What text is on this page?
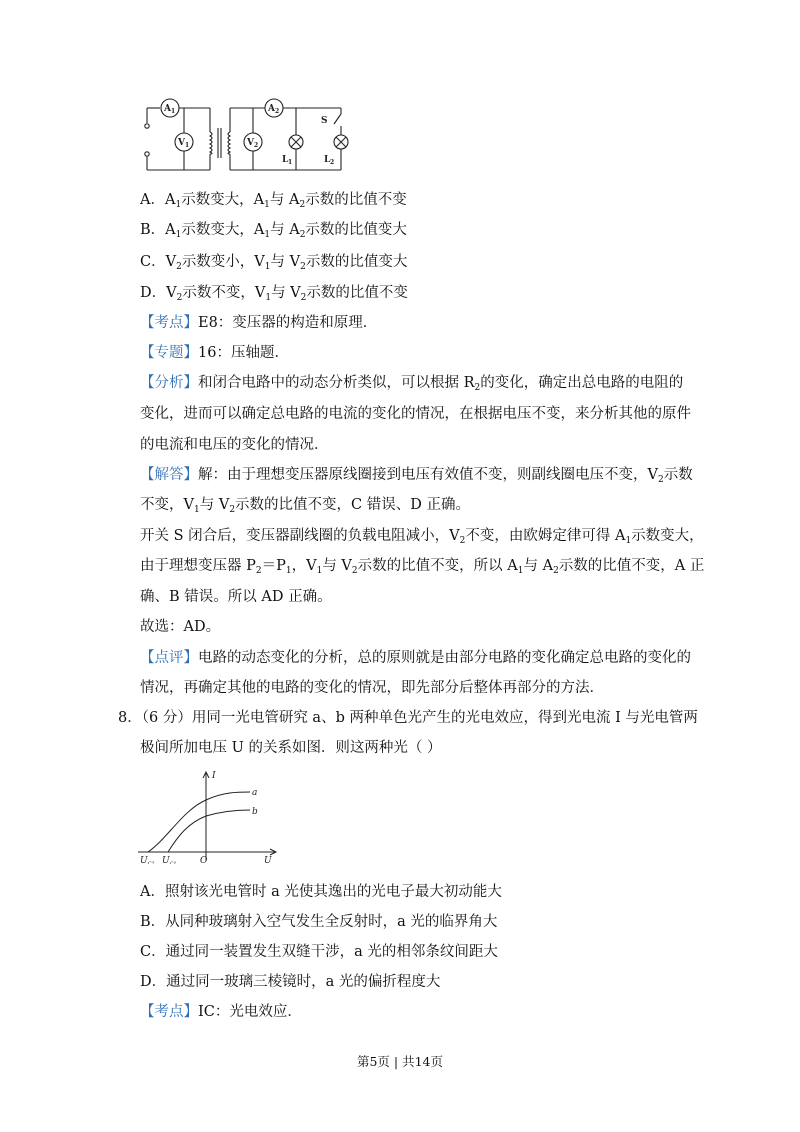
A 1
V 1
A 2
V 2
L 1	L 2
S
A．$A_1$示数变大，$A_1$与 $A_2$示数的比值不变
B．$A_1$示数变大，$A_1$与 $A_2$示数的比值变大
C．$V_2$示数变小，$V_1$与 $V_2$示数的比值变大
D．$V_2$示数不变，$V_1$与 $V_2$示数的比值不变
【考点】E8：变压器的构造和原理．
【专题】16：压轴题．
【分析】和闭合电路中的动态分析类似，可以根据 $R_2$的变化，确定出总电路的电阻的
变化，进而可以确定总电路的电流的变化的情况，在根据电压不变，来分析其他的原件
的电流和电压的变化的情况．
【解答】解：由于理想变压器原线圈接到电压有效值不变，则副线圈电压不变，$V_2$示数
不变，$V_1$与 $V_2$示数的比值不变，C 错误、D 正确。
开关 S 闭合后，变压器副线圈的负载电阻减小，$V_2$不变，由欧姆定律可得 $A_1$示数变大，
由于理想变压器 $P_2=P_1$，$V_1$与 $V_2$示数的比值不变，所以 $A_1$与 $A_2$示数的比值不变，A 正
确、B 错误。所以 AD 正确。
故选：AD。
【点评】电路的动态变化的分析，总的原则就是由部分电路的变化确定总电路的变化的
情况，再确定其他的电路的变化的情况，即先部分后整体再部分的方法．
8．（6 分）用同一光电管研究 a、b 两种单色光产生的光电效应，得到光电流 I 与光电管两
极间所加电压 U 的关系如图．则这两种光（ ）
I
U
O
a
b
$U_{C2}$ $U_{C1}$
A．照射该光电管时 a 光使其逸出的光电子最大初动能大
B．从同种玻璃射入空气发生全反射时，a 光的临界角大
C．通过同一装置发生双缝干涉，a 光的相邻条纹间距大
D．通过同一玻璃三棱镜时，a 光的偏折程度大
【考点】IC：光电效应．
第5页 | 共14页
